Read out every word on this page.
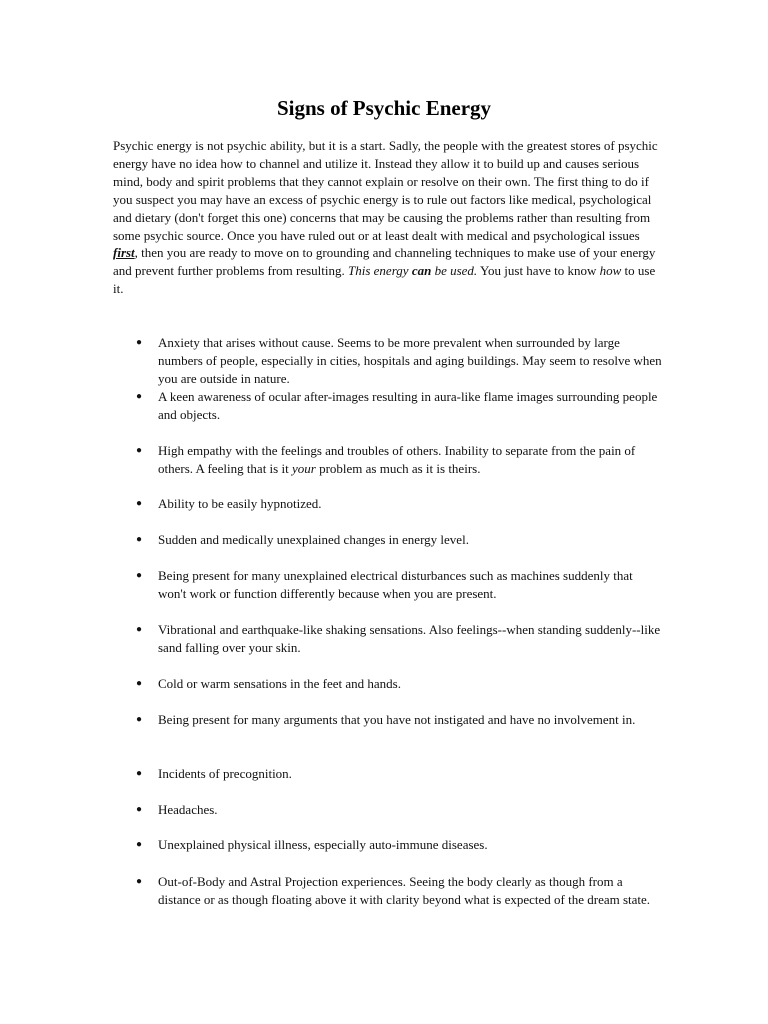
Signs of Psychic Energy

Psychic energy is not psychic ability, but it is a start. Sadly, the people with the greatest stores of psychic energy have no idea how to channel and utilize it. Instead they allow it to build up and causes serious mind, body and spirit problems that they cannot explain or resolve on their own. The first thing to do if you suspect you may have an excess of psychic energy is to rule out factors like medical, psychological and dietary (don't forget this one) concerns that may be causing the problems rather than resulting from some psychic source. Once you have ruled out or at least dealt with medical and psychological issues first, then you are ready to move on to grounding and channeling techniques to make use of your energy and prevent further problems from resulting. This energy can be used. You just have to know how to use it.

● Anxiety that arises without cause. Seems to be more prevalent when surrounded by large numbers of people, especially in cities, hospitals and aging buildings. May seem to resolve when you are outside in nature.
● A keen awareness of ocular after-images resulting in aura-like flame images surrounding people and objects.
● High empathy with the feelings and troubles of others. Inability to separate from the pain of others. A feeling that is it your problem as much as it is theirs.
● Ability to be easily hypnotized.
● Sudden and medically unexplained changes in energy level.
● Being present for many unexplained electrical disturbances such as machines suddenly that won't work or function differently because when you are present.
● Vibrational and earthquake-like shaking sensations. Also feelings--when standing suddenly--like sand falling over your skin.
● Cold or warm sensations in the feet and hands.
● Being present for many arguments that you have not instigated and have no involvement in.
● Incidents of precognition.
● Headaches.
● Unexplained physical illness, especially auto-immune diseases.
● Out-of-Body and Astral Projection experiences. Seeing the body clearly as though from a distance or as though floating above it with clarity beyond what is expected of the dream state.
